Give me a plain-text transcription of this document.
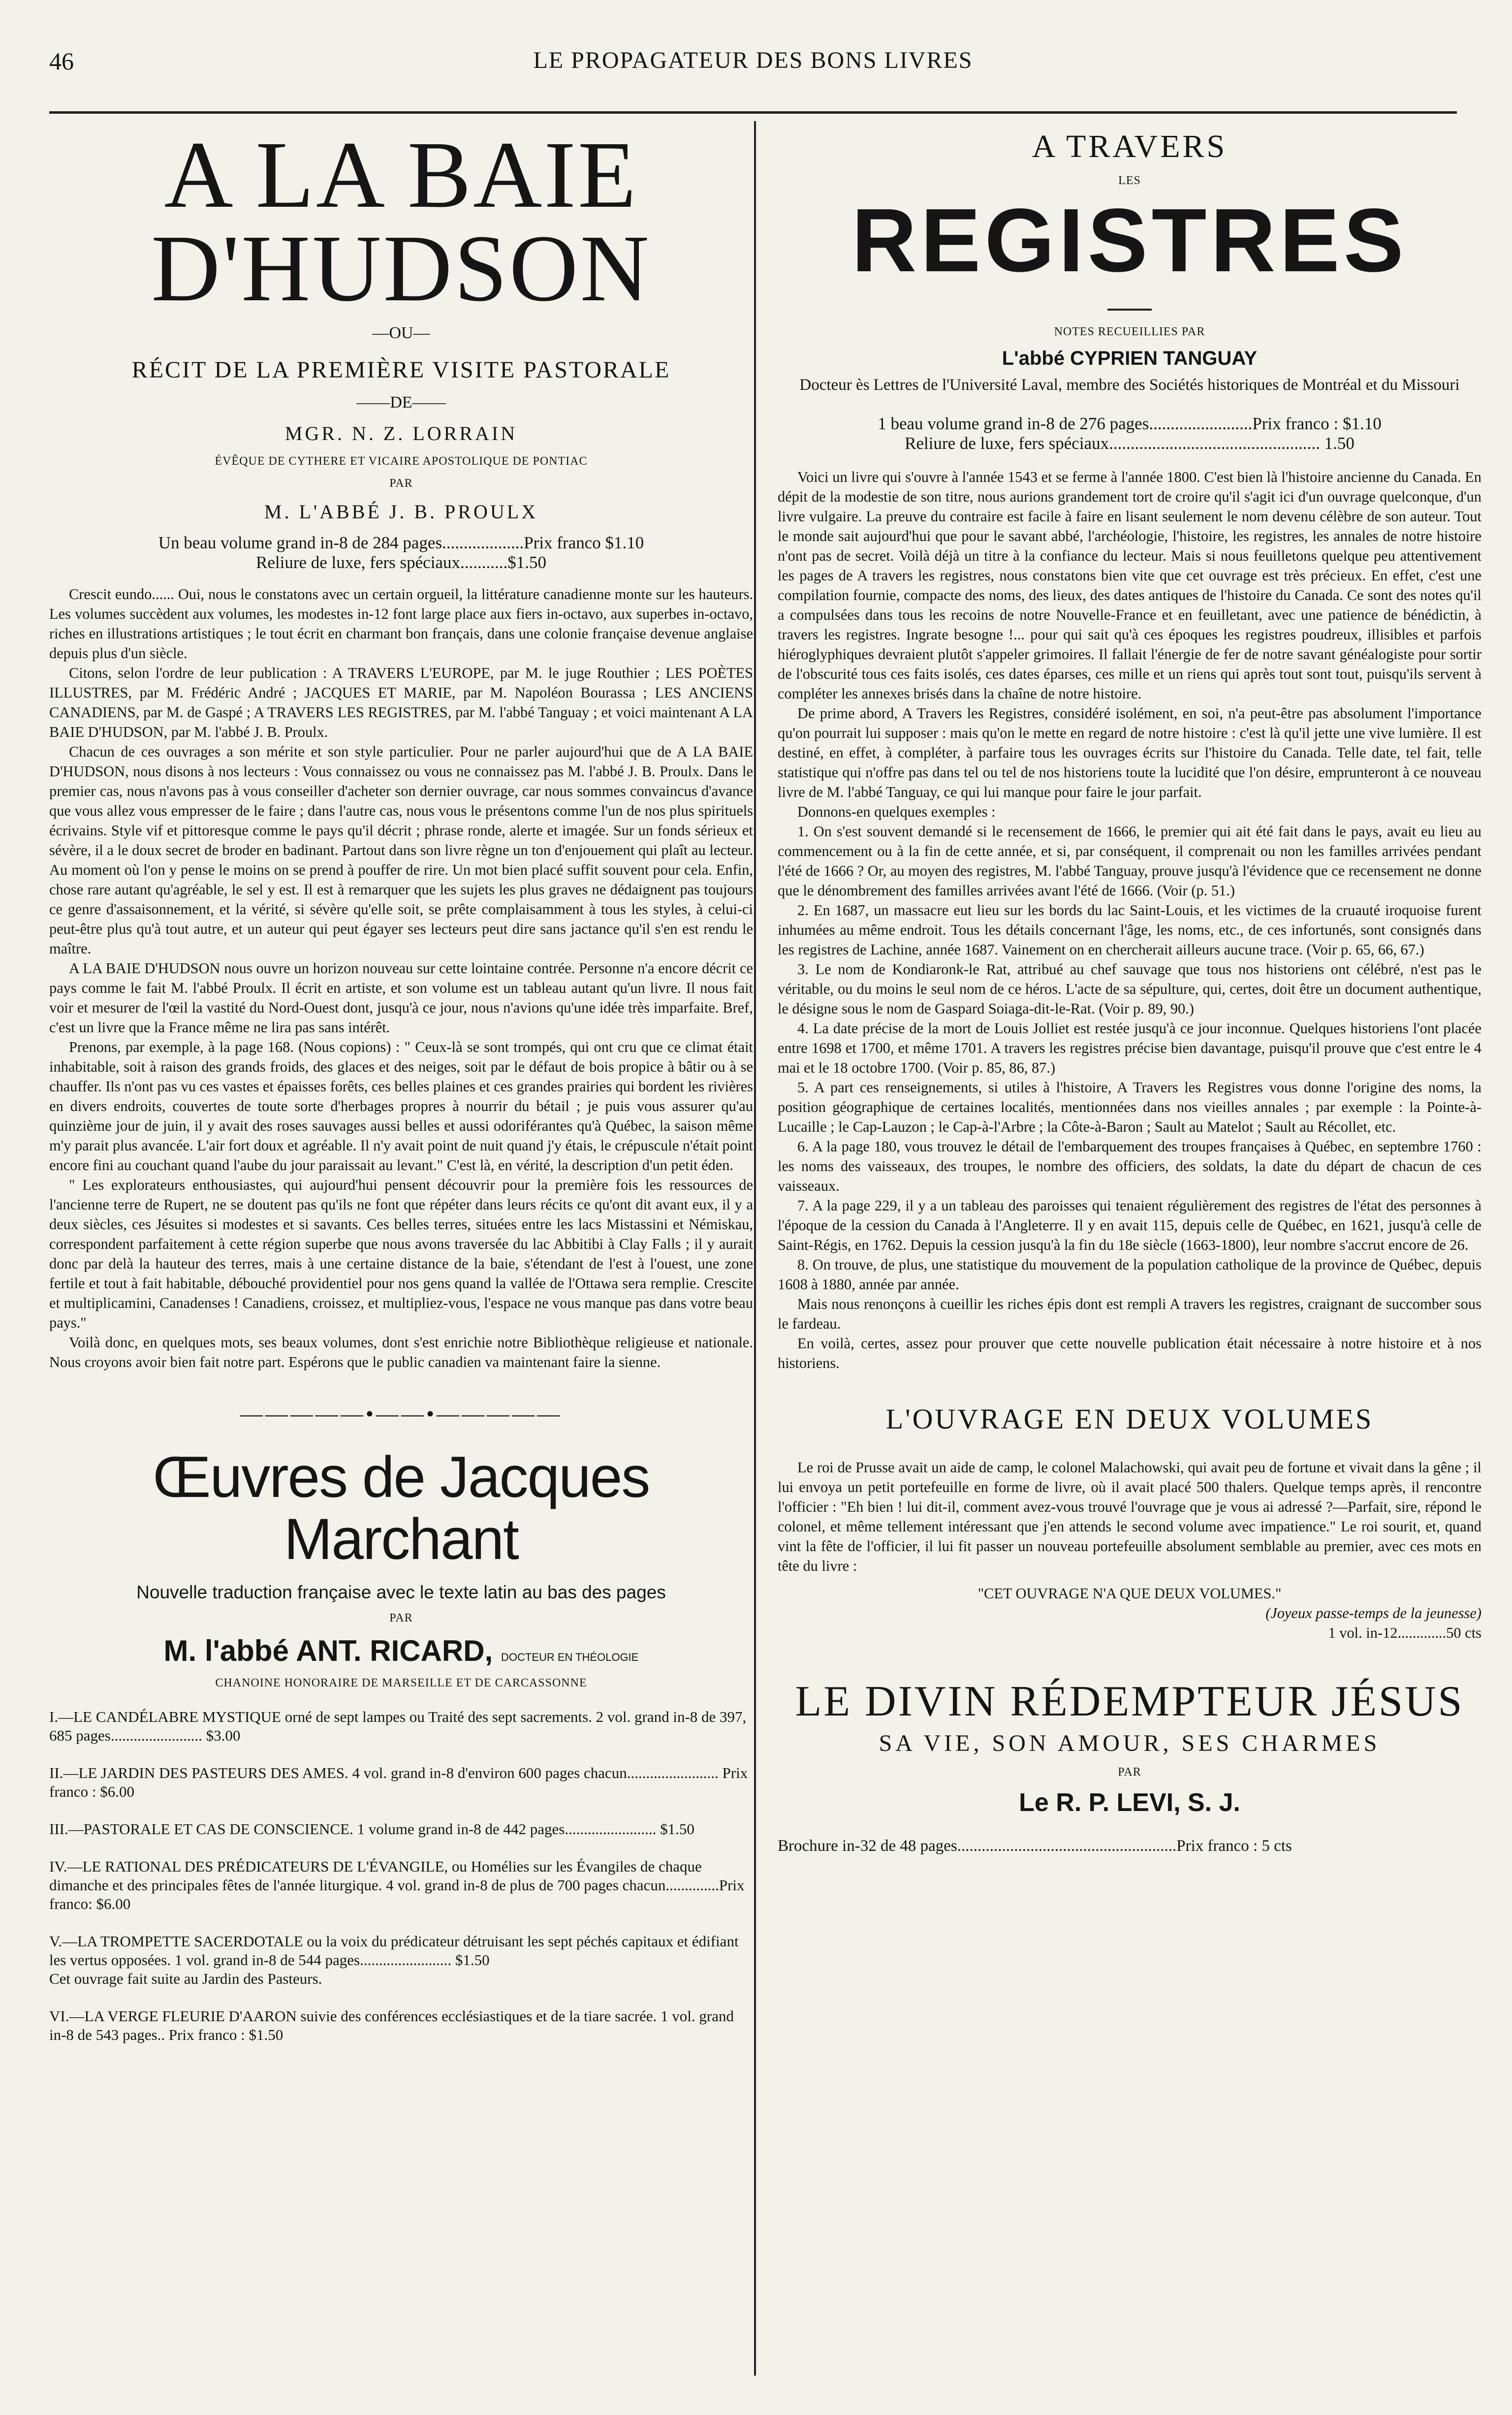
46	LE PROPAGATEUR DES BONS LIVRES
A LA BAIE D'HUDSON
—OU—
RÉCIT DE LA PREMIÈRE VISITE PASTORALE
——DE——
MGR. N. Z. LORRAIN
ÉVÊQUE DE CYTHERE ET VICAIRE APOSTOLIQUE DE PONTIAC
PAR
M. L'ABBÉ J. B. PROULX

Un beau volume grand in-8 de 284 pages...................Prix franco $1.10

Reliure de luxe, fers spéciaux...........$1.50

Crescit eundo...... Oui, nous le constatons avec un certain orgueil, la littérature canadienne monte sur les hauteurs. Les volumes succèdent aux volumes, les modestes in-12 font large place aux fiers in-octavo, aux superbes in-octavo, riches en illustrations artistiques ; le tout écrit en charmant bon français, dans une colonie française devenue anglaise depuis plus d'un siècle.

Citons, selon l'ordre de leur publication : A TRAVERS L'EUROPE, par M. le juge Routhier ; LES POÈTES ILLUSTRES, par M. Frédéric André ; JACQUES ET MARIE, par M. Napoléon Bourassa ; LES ANCIENS CANADIENS, par M. de Gaspé ; A TRAVERS LES REGISTRES, par M. l'abbé Tanguay ; et voici maintenant A LA BAIE D'HUDSON, par M. l'abbé J. B. Proulx.

Chacun de ces ouvrages a son mérite et son style particulier. Pour ne parler aujourd'hui que de A LA BAIE D'HUDSON, nous disons à nos lecteurs : Vous connaissez ou vous ne connaissez pas M. l'abbé J. B. Proulx. Dans le premier cas, nous n'avons pas à vous conseiller d'acheter son dernier ouvrage, car nous sommes convaincus d'avance que vous allez vous empresser de le faire ; dans l'autre cas, nous vous le présentons comme l'un de nos plus spirituels écrivains. Style vif et pittoresque comme le pays qu'il décrit ; phrase ronde, alerte et imagée. Sur un fonds sérieux et sévère, il a le doux secret de broder en badinant. Partout dans son livre règne un ton d'enjouement qui plaît au lecteur. Au moment où l'on y pense le moins on se prend à pouffer de rire. Un mot bien placé suffit souvent pour cela. Enfin, chose rare autant qu'agréable, le sel y est. Il est à remarquer que les sujets les plus graves ne dédaignent pas toujours ce genre d'assaisonnement, et la vérité, si sévère qu'elle soit, se prête complaisamment à tous les styles, à celui-ci peut-être plus qu'à tout autre, et un auteur qui peut égayer ses lecteurs peut dire sans jactance qu'il s'en est rendu le maître.

A LA BAIE D'HUDSON nous ouvre un horizon nouveau sur cette lointaine contrée. Personne n'a encore décrit ce pays comme le fait M. l'abbé Proulx. Il écrit en artiste, et son volume est un tableau autant qu'un livre. Il nous fait voir et mesurer de l'œil la vastité du Nord-Ouest dont, jusqu'à ce jour, nous n'avions qu'une idée très imparfaite. Bref, c'est un livre que la France même ne lira pas sans intérêt.

Prenons, par exemple, à la page 168. (Nous copions) : " Ceux-là se sont trompés, qui ont cru que ce climat était inhabitable, soit à raison des grands froids, des glaces et des neiges, soit par le défaut de bois propice à bâtir ou à se chauffer. Ils n'ont pas vu ces vastes et épaisses forêts, ces belles plaines et ces grandes prairies qui bordent les rivières en divers endroits, couvertes de toute sorte d'herbages propres à nourrir du bétail ; je puis vous assurer qu'au quinzième jour de juin, il y avait des roses sauvages aussi belles et aussi odoriférantes qu'à Québec, la saison même m'y parait plus avancée. L'air fort doux et agréable. Il n'y avait point de nuit quand j'y étais, le crépuscule n'était point encore fini au couchant quand l'aube du jour paraissait au levant." C'est là, en vérité, la description d'un petit éden.

" Les explorateurs enthousiastes, qui aujourd'hui pensent découvrir pour la première fois les ressources de l'ancienne terre de Rupert, ne se doutent pas qu'ils ne font que répéter dans leurs récits ce qu'ont dit avant eux, il y a deux siècles, ces Jésuites si modestes et si savants. Ces belles terres, situées entre les lacs Mistassini et Némiskau, correspondent parfaitement à cette région superbe que nous avons traversée du lac Abbitibi à Clay Falls ; il y aurait donc par delà la hauteur des terres, mais à une certaine distance de la baie, s'étendant de l'est à l'ouest, une zone fertile et tout à fait habitable, débouché providentiel pour nos gens quand la vallée de l'Ottawa sera remplie. Crescite et multiplicamini, Canadenses ! Canadiens, croissez, et multipliez-vous, l'espace ne vous manque pas dans votre beau pays."

Voilà donc, en quelques mots, ses beaux volumes, dont s'est enrichie notre Bibliothèque religieuse et nationale. Nous croyons avoir bien fait notre part. Espérons que le public canadien va maintenant faire la sienne.

—————•——•—————
Œuvres de Jacques Marchant
Nouvelle traduction française avec le texte latin au bas des pages
PAR
M. l'abbé ANT. RICARD, DOCTEUR EN THÉOLOGIE
CHANOINE HONORAIRE DE MARSEILLE ET DE CARCASSONNE
I.—LE CANDÉLABRE MYSTIQUE orné de sept lampes ou Traité des sept sacrements. 2 vol. grand in-8 de 397, 685 pages........................ $3.00
II.—LE JARDIN DES PASTEURS DES AMES. 4 vol. grand in-8 d'environ 600 pages chacun........................ Prix franco : $6.00
III.—PASTORALE ET CAS DE CONSCIENCE. 1 volume grand in-8 de 442 pages........................ $1.50
IV.—LE RATIONAL DES PRÉDICATEURS DE L'ÉVANGILE, ou Homélies sur les Évangiles de chaque dimanche et des principales fêtes de l'année liturgique. 4 vol. grand in-8 de plus de 700 pages chacun..............Prix franco: $6.00
V.—LA TROMPETTE SACERDOTALE ou la voix du prédicateur détruisant les sept péchés capitaux et édifiant les vertus opposées. 1 vol. grand in-8 de 544 pages........................ $1.50
Cet ouvrage fait suite au Jardin des Pasteurs.
VI.—LA VERGE FLEURIE D'AARON suivie des conférences ecclésiastiques et de la tiare sacrée. 1 vol. grand in-8 de 543 pages.. Prix franco : $1.50
A TRAVERS
LES
REGISTRES
NOTES RECUEILLIES PAR
L'abbé CYPRIEN TANGUAY

Docteur ès Lettres de l'Université Laval, membre des Sociétés historiques de Montréal et du Missouri

1 beau volume grand in-8 de 276 pages........................Prix franco : $1.10

Reliure de luxe, fers spéciaux................................................. 1.50

Voici un livre qui s'ouvre à l'année 1543 et se ferme à l'année 1800. C'est bien là l'histoire ancienne du Canada. En dépit de la modestie de son titre, nous aurions grandement tort de croire qu'il s'agit ici d'un ouvrage quelconque, d'un livre vulgaire. La preuve du contraire est facile à faire en lisant seulement le nom devenu célèbre de son auteur. Tout le monde sait aujourd'hui que pour le savant abbé, l'archéologie, l'histoire, les registres, les annales de notre histoire n'ont pas de secret. Voilà déjà un titre à la confiance du lecteur. Mais si nous feuilletons quelque peu attentivement les pages de A travers les registres, nous constatons bien vite que cet ouvrage est très précieux. En effet, c'est une compilation fournie, compacte des noms, des lieux, des dates antiques de l'histoire du Canada. Ce sont des notes qu'il a compulsées dans tous les recoins de notre Nouvelle-France et en feuilletant, avec une patience de bénédictin, à travers les registres. Ingrate besogne !... pour qui sait qu'à ces époques les registres poudreux, illisibles et parfois hiéroglyphiques devraient plutôt s'appeler grimoires. Il fallait l'énergie de fer de notre savant généalogiste pour sortir de l'obscurité tous ces faits isolés, ces dates éparses, ces mille et un riens qui après tout sont tout, puisqu'ils servent à compléter les annexes brisés dans la chaîne de notre histoire.

De prime abord, A Travers les Registres, considéré isolément, en soi, n'a peut-être pas absolument l'importance qu'on pourrait lui supposer : mais qu'on le mette en regard de notre histoire : c'est là qu'il jette une vive lumière. Il est destiné, en effet, à compléter, à parfaire tous les ouvrages écrits sur l'histoire du Canada. Telle date, tel fait, telle statistique qui n'offre pas dans tel ou tel de nos historiens toute la lucidité que l'on désire, emprunteront à ce nouveau livre de M. l'abbé Tanguay, ce qui lui manque pour faire le jour parfait.

Donnons-en quelques exemples :

1. On s'est souvent demandé si le recensement de 1666, le premier qui ait été fait dans le pays, avait eu lieu au commencement ou à la fin de cette année, et si, par conséquent, il comprenait ou non les familles arrivées pendant l'été de 1666 ? Or, au moyen des registres, M. l'abbé Tanguay, prouve jusqu'à l'évidence que ce recensement ne donne que le dénombrement des familles arrivées avant l'été de 1666. (Voir (p. 51.)

2. En 1687, un massacre eut lieu sur les bords du lac Saint-Louis, et les victimes de la cruauté iroquoise furent inhumées au même endroit. Tous les détails concernant l'âge, les noms, etc., de ces infortunés, sont consignés dans les registres de Lachine, année 1687. Vainement on en chercherait ailleurs aucune trace. (Voir p. 65, 66, 67.)

3. Le nom de Kondiaronk-le Rat, attribué au chef sauvage que tous nos historiens ont célébré, n'est pas le véritable, ou du moins le seul nom de ce héros. L'acte de sa sépulture, qui, certes, doit être un document authentique, le désigne sous le nom de Gaspard Soiaga-dit-le-Rat. (Voir p. 89, 90.)

4. La date précise de la mort de Louis Jolliet est restée jusqu'à ce jour inconnue. Quelques historiens l'ont placée entre 1698 et 1700, et même 1701. A travers les registres précise bien davantage, puisqu'il prouve que c'est entre le 4 mai et le 18 octobre 1700. (Voir p. 85, 86, 87.)

5. A part ces renseignements, si utiles à l'histoire, A Travers les Registres vous donne l'origine des noms, la position géographique de certaines localités, mentionnées dans nos vieilles annales ; par exemple : la Pointe-à-Lucaille ; le Cap-Lauzon ; le Cap-à-l'Arbre ; la Côte-à-Baron ; Sault au Matelot ; Sault au Récollet, etc.

6. A la page 180, vous trouvez le détail de l'embarquement des troupes françaises à Québec, en septembre 1760 : les noms des vaisseaux, des troupes, le nombre des officiers, des soldats, la date du départ de chacun de ces vaisseaux.

7. A la page 229, il y a un tableau des paroisses qui tenaient régulièrement des registres de l'état des personnes à l'époque de la cession du Canada à l'Angleterre. Il y en avait 115, depuis celle de Québec, en 1621, jusqu'à celle de Saint-Régis, en 1762. Depuis la cession jusqu'à la fin du 18e siècle (1663-1800), leur nombre s'accrut encore de 26.

8. On trouve, de plus, une statistique du mouvement de la population catholique de la province de Québec, depuis 1608 à 1880, année par année.

Mais nous renonçons à cueillir les riches épis dont est rempli A travers les registres, craignant de succomber sous le fardeau.

En voilà, certes, assez pour prouver que cette nouvelle publication était nécessaire à notre histoire et à nos historiens.

L'OUVRAGE EN DEUX VOLUMES

Le roi de Prusse avait un aide de camp, le colonel Malachowski, qui avait peu de fortune et vivait dans la gêne ; il lui envoya un petit portefeuille en forme de livre, où il avait placé 500 thalers. Quelque temps après, il rencontre l'officier : "Eh bien ! lui dit-il, comment avez-vous trouvé l'ouvrage que je vous ai adressé ?—Parfait, sire, répond le colonel, et même tellement intéressant que j'en attends le second volume avec impatience." Le roi sourit, et, quand vint la fête de l'officier, il lui fit passer un nouveau portefeuille absolument semblable au premier, avec ces mots en tête du livre :

"CET OUVRAGE N'A QUE DEUX VOLUMES."

(Joyeux passe-temps de la jeunesse)

1 vol. in-12.............50 cts

LE DIVIN RÉDEMPTEUR JÉSUS
SA VIE, SON AMOUR, SES CHARMES
PAR
Le R. P. LEVI, S. J.
Brochure in-32 de 48 pages......................................................Prix franco : 5 cts
